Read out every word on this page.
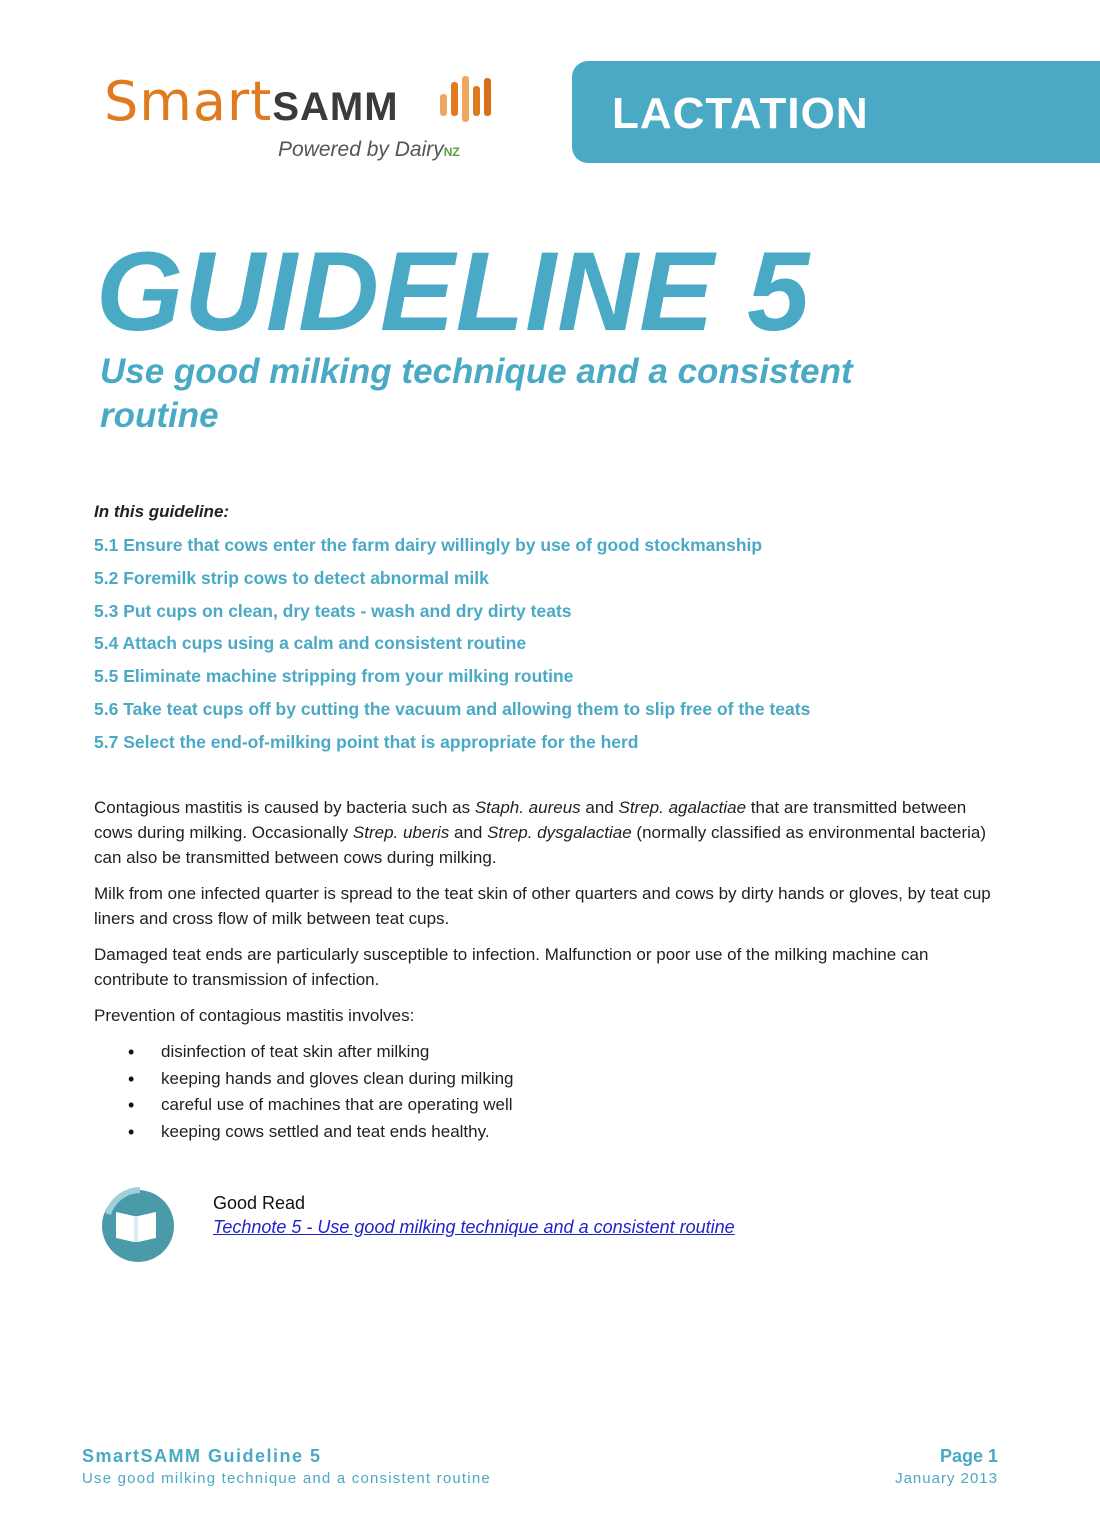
SmartSAMM
Powered by DairyNZ
LACTATION
GUIDELINE 5
Use good milking technique and a consistent routine
In this guideline:
5.1 Ensure that cows enter the farm dairy willingly by use of good stockmanship
5.2 Foremilk strip cows to detect abnormal milk
5.3 Put cups on clean, dry teats - wash and dry dirty teats
5.4 Attach cups using a calm and consistent routine
5.5 Eliminate machine stripping from your milking routine
5.6 Take teat cups off by cutting the vacuum and allowing them to slip free of the teats
5.7 Select the end-of-milking point that is appropriate for the herd

Contagious mastitis is caused by bacteria such as Staph. aureus and Strep. agalactiae that are transmitted between cows during milking. Occasionally Strep. uberis and Strep. dysgalactiae (normally classified as environmental bacteria) can also be transmitted between cows during milking.

Milk from one infected quarter is spread to the teat skin of other quarters and cows by dirty hands or gloves, by teat cup liners and cross flow of milk between teat cups.

Damaged teat ends are particularly susceptible to infection. Malfunction or poor use of the milking machine can contribute to transmission of infection.

Prevention of contagious mastitis involves:

• disinfection of teat skin after milking
• keeping hands and gloves clean during milking
• careful use of machines that are operating well
• keeping cows settled and teat ends healthy.
Good Read
Technote 5 - Use good milking technique and a consistent routine
SmartSAMM Guideline 5
Use good milking technique and a consistent routine
Page 1
January 2013
